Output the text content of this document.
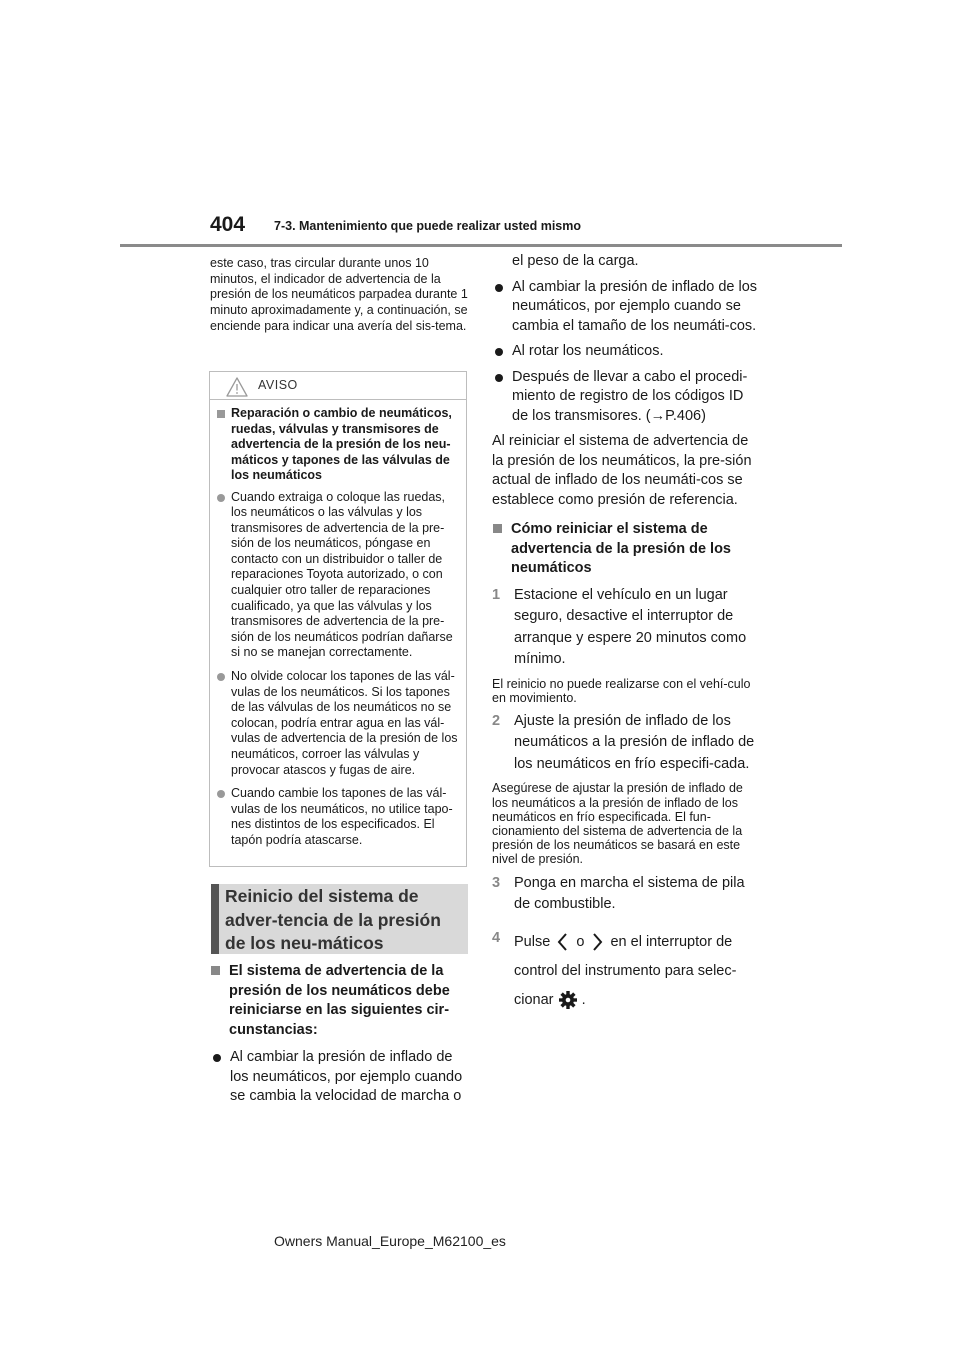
404 7-3. Mantenimiento que puede realizar usted mismo

este caso, tras circular durante unos 10 minutos, el indicador de advertencia de la presión de los neumáticos parpadea durante 1 minuto aproximadamente y, a continuación, se enciende para indicar una avería del sis-tema.

AVISO

Reparación o cambio de neumáticos, ruedas, válvulas y transmisores de advertencia de la presión de los neu-máticos y tapones de las válvulas de los neumáticos

Cuando extraiga o coloque las ruedas, los neumáticos o las válvulas y los transmisores de advertencia de la pre-sión de los neumáticos, póngase en contacto con un distribuidor o taller de reparaciones Toyota autorizado, o con cualquier otro taller de reparaciones cualificado, ya que las válvulas y los transmisores de advertencia de la pre-sión de los neumáticos podrían dañarse si no se manejan correctamente.

No olvide colocar los tapones de las vál-vulas de los neumáticos. Si los tapones de las válvulas de los neumáticos no se colocan, podría entrar agua en las vál-vulas de advertencia de la presión de los neumáticos, corroer las válvulas y provocar atascos y fugas de aire.

Cuando cambie los tapones de las vál-vulas de los neumáticos, no utilice tapo-nes distintos de los especificados. El tapón podría atascarse.

Reinicio del sistema de adver-tencia de la presión de los neu-máticos

El sistema de advertencia de la presión de los neumáticos debe reiniciarse en las siguientes cir-cunstancias:

Al cambiar la presión de inflado de los neumáticos, por ejemplo cuando se cambia la velocidad de marcha o

el peso de la carga.

Al cambiar la presión de inflado de los neumáticos, por ejemplo cuando se cambia el tamaño de los neumáti-cos.

Al rotar los neumáticos.

Después de llevar a cabo el procedi-miento de registro de los códigos ID de los transmisores. (→P.406)

Al reiniciar el sistema de advertencia de la presión de los neumáticos, la pre-sión actual de inflado de los neumáti-cos se establece como presión de referencia.

Cómo reiniciar el sistema de advertencia de la presión de los neumáticos

1 Estacione el vehículo en un lugar seguro, desactive el interruptor de arranque y espere 20 minutos como mínimo.

El reinicio no puede realizarse con el vehí-culo en movimiento.

2 Ajuste la presión de inflado de los neumáticos a la presión de inflado de los neumáticos en frío especifi-cada.

Asegúrese de ajustar la presión de inflado de los neumáticos a la presión de inflado de los neumáticos en frío especificada. El fun-cionamiento del sistema de advertencia de la presión de los neumáticos se basará en este nivel de presión.

3 Ponga en marcha el sistema de pila de combustible.

4 Pulse o en el interruptor de control del instrumento para selec-cionar .

Owners Manual_Europe_M62100_es
